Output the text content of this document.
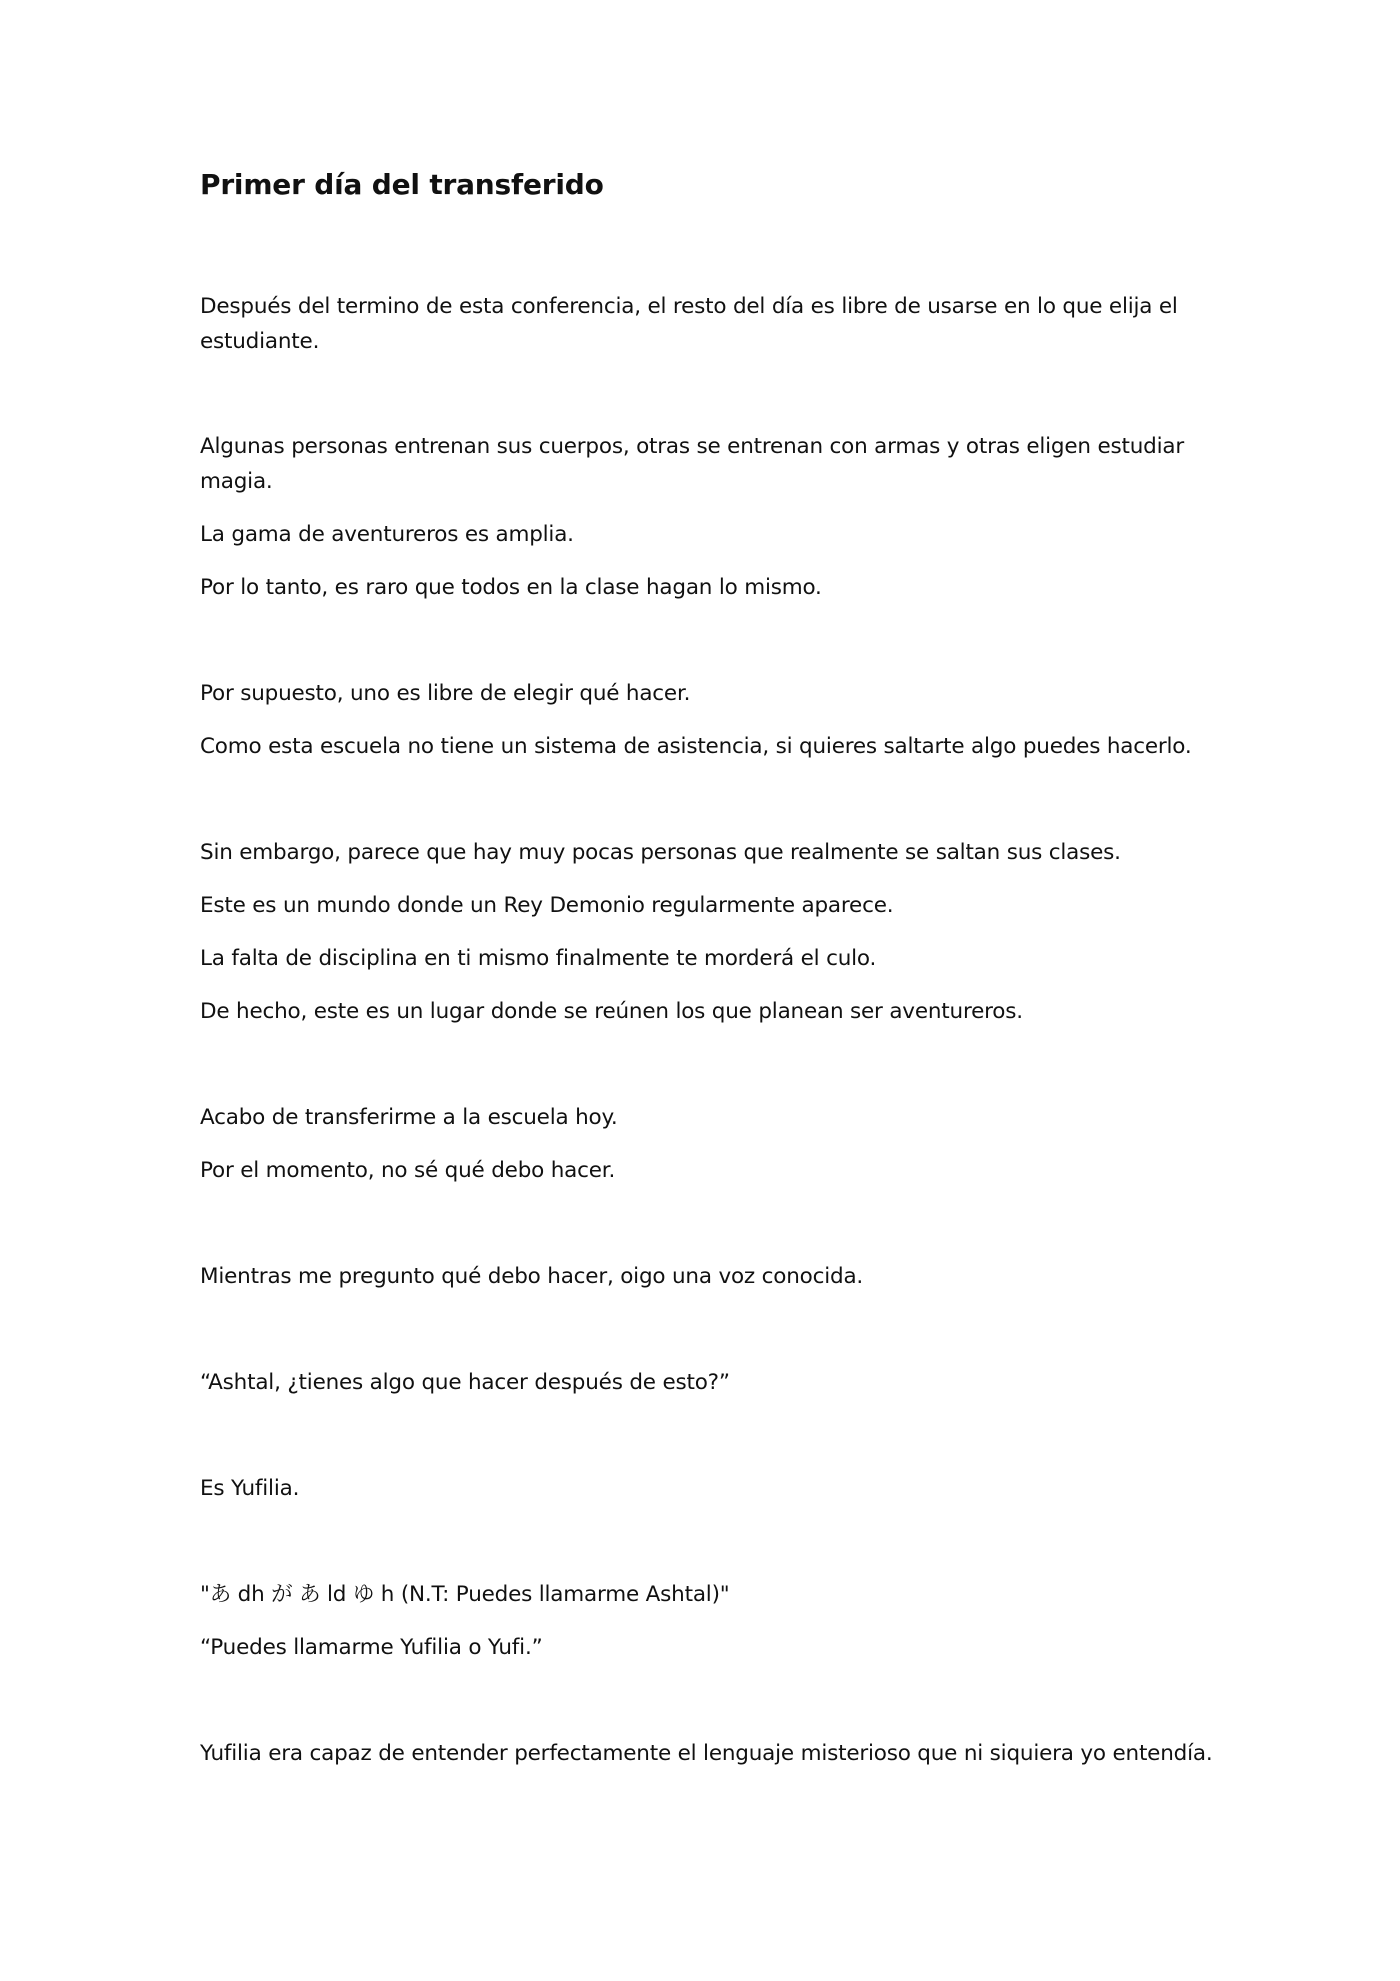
Primer día del transferido

Después del termino de esta conferencia, el resto del día es libre de usarse en lo que elija el

estudiante.

Algunas personas entrenan sus cuerpos, otras se entrenan con armas y otras eligen estudiar

magia.

La gama de aventureros es amplia.

Por lo tanto, es raro que todos en la clase hagan lo mismo.

Por supuesto, uno es libre de elegir qué hacer.

Como esta escuela no tiene un sistema de asistencia, si quieres saltarte algo puedes hacerlo.

Sin embargo, parece que hay muy pocas personas que realmente se saltan sus clases.

Este es un mundo donde un Rey Demonio regularmente aparece.

La falta de disciplina en ti mismo finalmente te morderá el culo.

De hecho, este es un lugar donde se reúnen los que planean ser aventureros.

Acabo de transferirme a la escuela hoy.

Por el momento, no sé qué debo hacer.

Mientras me pregunto qué debo hacer, oigo una voz conocida.

“Ashtal, ¿tienes algo que hacer después de esto?”

Es Yufilia.

"あ dh が あ ld ゆ h (N.T: Puedes llamarme Ashtal)"

“Puedes llamarme Yufilia o Yufi.”

Yufilia era capaz de entender perfectamente el lenguaje misterioso que ni siquiera yo entendía.
